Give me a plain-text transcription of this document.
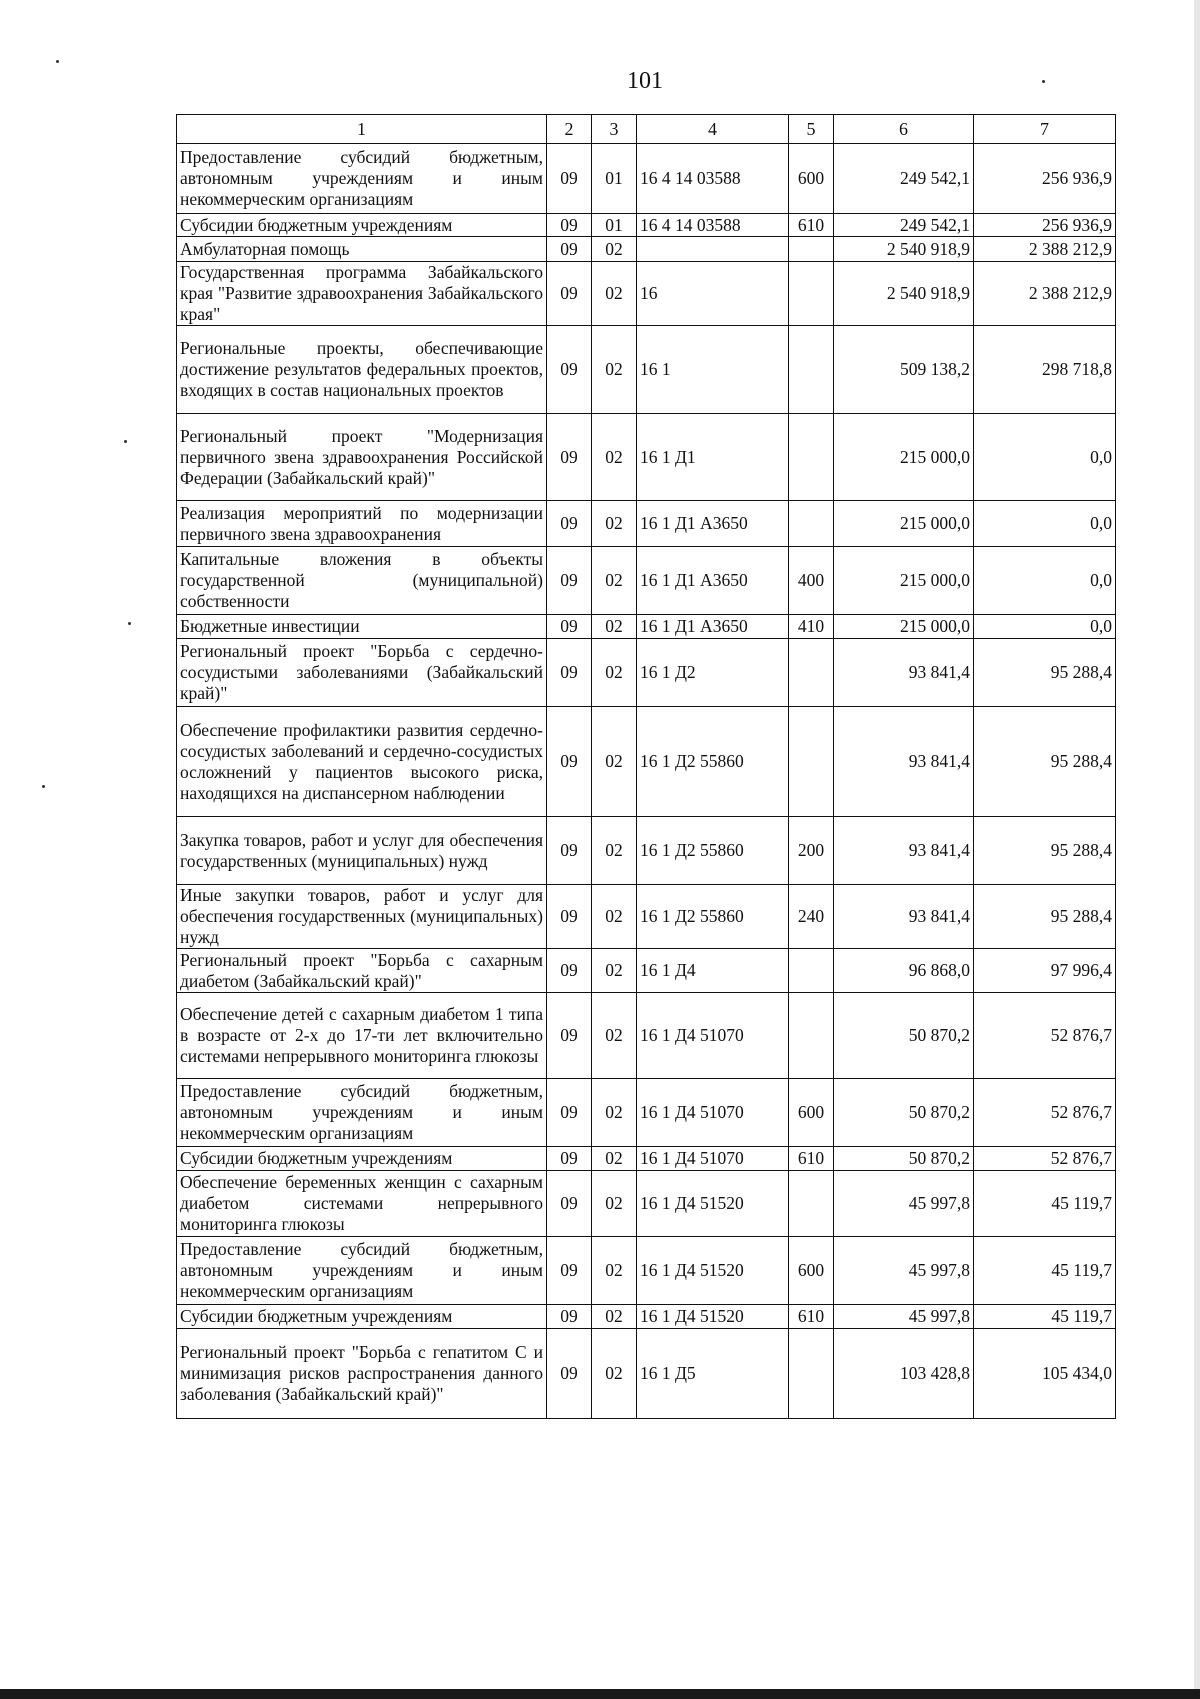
101
1	2	3	4	5	6	7
Предоставление субсидий бюджетным, автономным учреждениям и иным некоммерческим организациям	09	01	16 4 14 03588	600	249 542,1	256 936,9
Субсидии бюджетным учреждениям	09	01	16 4 14 03588	610	249 542,1	256 936,9
Амбулаторная помощь	09	02			2 540 918,9	2 388 212,9
Государственная программа Забайкальского края "Развитие здравоохранения Забайкальского края"	09	02	16		2 540 918,9	2 388 212,9
Региональные проекты, обеспечивающие достижение результатов федеральных проектов, входящих в состав национальных проектов	09	02	16 1		509 138,2	298 718,8
Региональный проект "Модернизация первичного звена здравоохранения Российской Федерации (Забайкальский край)"	09	02	16 1 Д1		215 000,0	0,0
Реализация мероприятий по модернизации первичного звена здравоохранения	09	02	16 1 Д1 А3650		215 000,0	0,0
Капитальные вложения в объекты государственной (муниципальной) собственности	09	02	16 1 Д1 А3650	400	215 000,0	0,0
Бюджетные инвестиции	09	02	16 1 Д1 А3650	410	215 000,0	0,0
Региональный проект "Борьба с сердечно-сосудистыми заболеваниями (Забайкальский край)"	09	02	16 1 Д2		93 841,4	95 288,4
Обеспечение профилактики развития сердечно-сосудистых заболеваний и сердечно-сосудистых осложнений у пациентов высокого риска, находящихся на диспансерном наблюдении	09	02	16 1 Д2 55860		93 841,4	95 288,4
Закупка товаров, работ и услуг для обеспечения государственных (муниципальных) нужд	09	02	16 1 Д2 55860	200	93 841,4	95 288,4
Иные закупки товаров, работ и услуг для обеспечения государственных (муниципальных) нужд	09	02	16 1 Д2 55860	240	93 841,4	95 288,4
Региональный проект "Борьба с сахарным диабетом (Забайкальский край)"	09	02	16 1 Д4		96 868,0	97 996,4
Обеспечение детей с сахарным диабетом 1 типа в возрасте от 2-х до 17-ти лет включительно системами непрерывного мониторинга глюкозы	09	02	16 1 Д4 51070		50 870,2	52 876,7
Предоставление субсидий бюджетным, автономным учреждениям и иным некоммерческим организациям	09	02	16 1 Д4 51070	600	50 870,2	52 876,7
Субсидии бюджетным учреждениям	09	02	16 1 Д4 51070	610	50 870,2	52 876,7
Обеспечение беременных женщин с сахарным диабетом системами непрерывного мониторинга глюкозы	09	02	16 1 Д4 51520		45 997,8	45 119,7
Предоставление субсидий бюджетным, автономным учреждениям и иным некоммерческим организациям	09	02	16 1 Д4 51520	600	45 997,8	45 119,7
Субсидии бюджетным учреждениям	09	02	16 1 Д4 51520	610	45 997,8	45 119,7
Региональный проект "Борьба с гепатитом С и минимизация рисков распространения данного заболевания (Забайкальский край)"	09	02	16 1 Д5		103 428,8	105 434,0
